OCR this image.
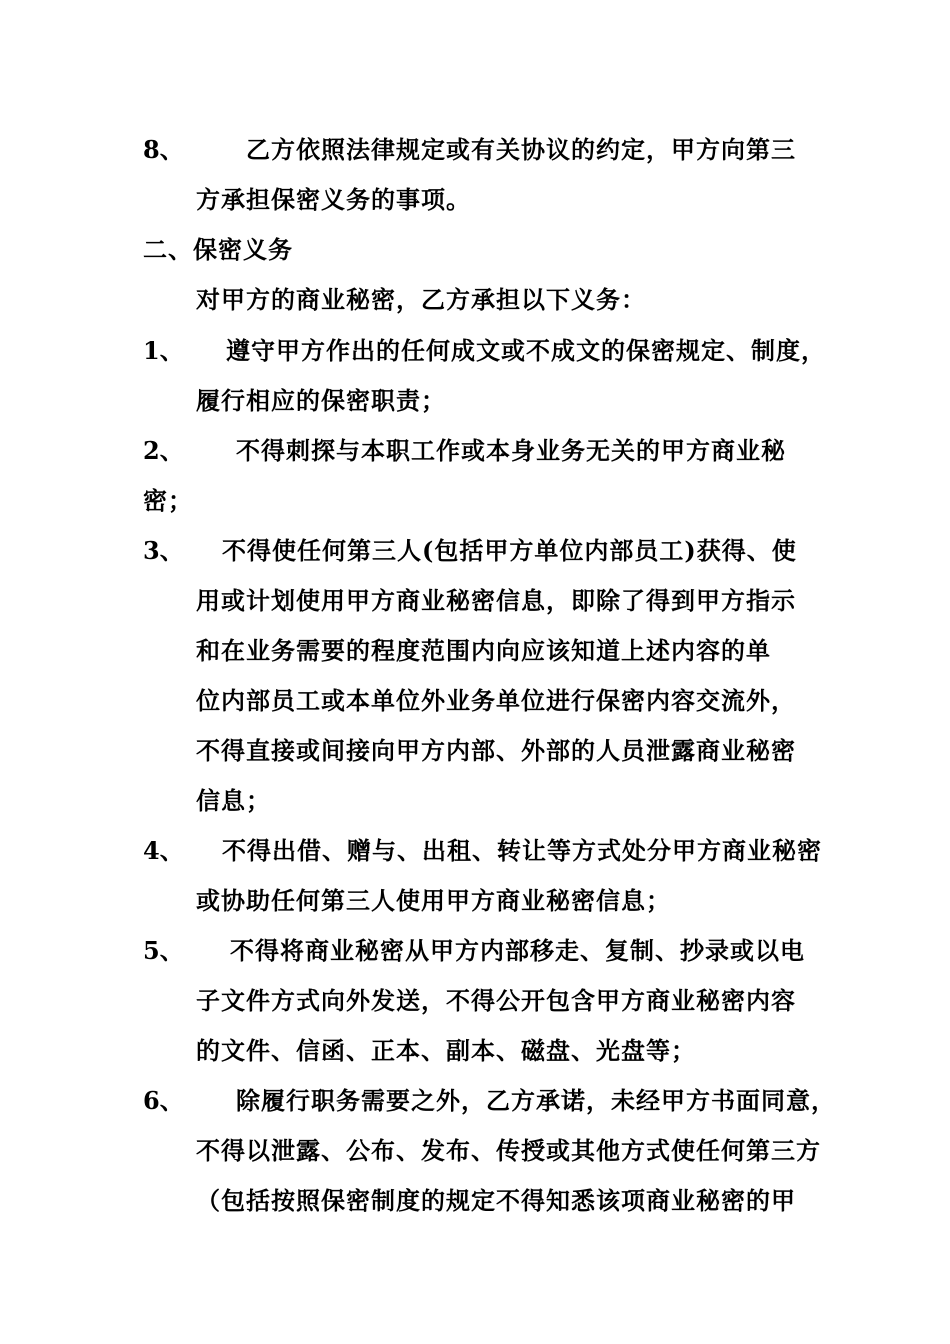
8、	乙方依照法律规定或有关协议的约定，甲方向第三
方承担保密义务的事项。
二、保密义务
对甲方的商业秘密，乙方承担以下义务：
1、 遵守甲方作出的任何成文或不成文的保密规定、制度，
履行相应的保密职责；
2、 不得刺探与本职工作或本身业务无关的甲方商业秘
密；
3、 不得使任何第三人(包括甲方单位内部员工)获得、使
用或计划使用甲方商业秘密信息，即除了得到甲方指示
和在业务需要的程度范围内向应该知道上述内容的单
位内部员工或本单位外业务单位进行保密内容交流外，
不得直接或间接向甲方内部、外部的人员泄露商业秘密
信息；
4、 不得出借、赠与、出租、转让等方式处分甲方商业秘密
或协助任何第三人使用甲方商业秘密信息；
5、 不得将商业秘密从甲方内部移走、复制、抄录或以电
子文件方式向外发送，不得公开包含甲方商业秘密内容
的文件、信函、正本、副本、磁盘、光盘等；
6、 除履行职务需要之外，乙方承诺，未经甲方书面同意，
不得以泄露、公布、发布、传授或其他方式使任何第三方
（包括按照保密制度的规定不得知悉该项商业秘密的甲
